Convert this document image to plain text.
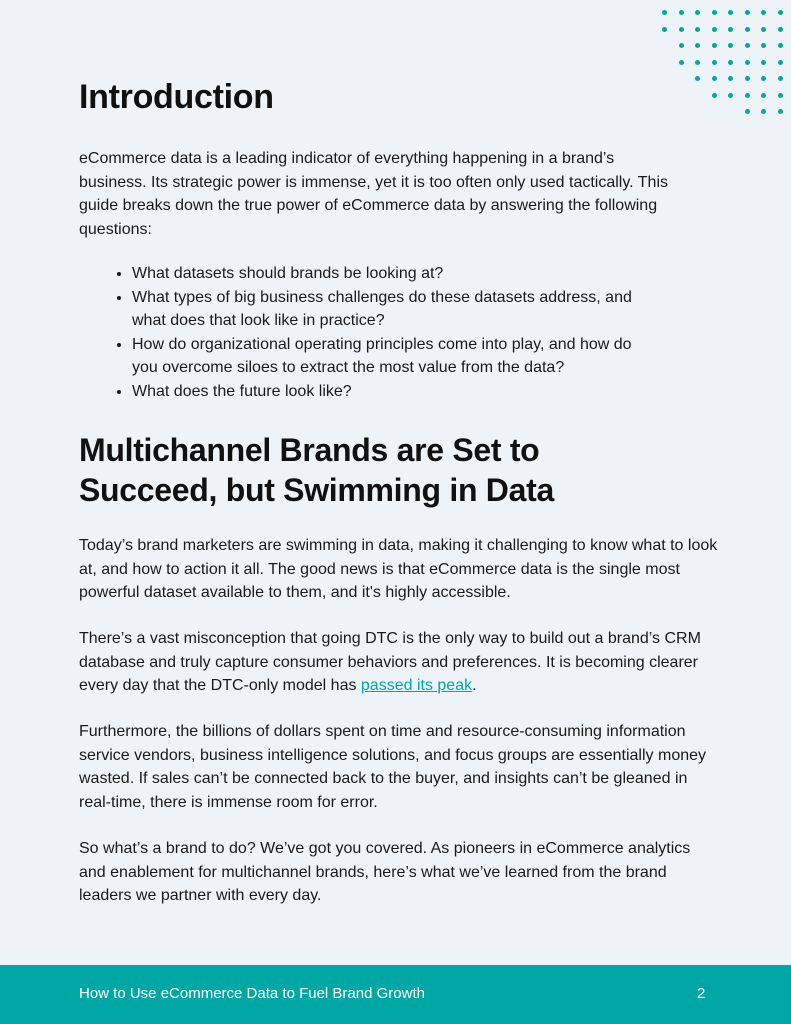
Introduction

eCommerce data is a leading indicator of everything happening in a brand’s business. Its strategic power is immense, yet it is too often only used tactically. This guide breaks down the true power of eCommerce data by answering the following questions:

• What datasets should brands be looking at?
• What types of big business challenges do these datasets address, and what does that look like in practice?
• How do organizational operating principles come into play, and how do you overcome siloes to extract the most value from the data?
• What does the future look like?
Multichannel Brands are Set to Succeed, but Swimming in Data

Today’s brand marketers are swimming in data, making it challenging to know what to look at, and how to action it all. The good news is that eCommerce data is the single most powerful dataset available to them, and it's highly accessible.

There’s a vast misconception that going DTC is the only way to build out a brand’s CRM database and truly capture consumer behaviors and preferences. It is becoming clearer every day that the DTC-only model has passed its peak.

Furthermore, the billions of dollars spent on time and resource-consuming information service vendors, business intelligence solutions, and focus groups are essentially money wasted. If sales can’t be connected back to the buyer, and insights can’t be gleaned in real-time, there is immense room for error.

So what’s a brand to do? We’ve got you covered. As pioneers in eCommerce analytics and enablement for multichannel brands, here’s what we’ve learned from the brand leaders we partner with every day.

How to Use eCommerce Data to Fuel Brand Growth	2
